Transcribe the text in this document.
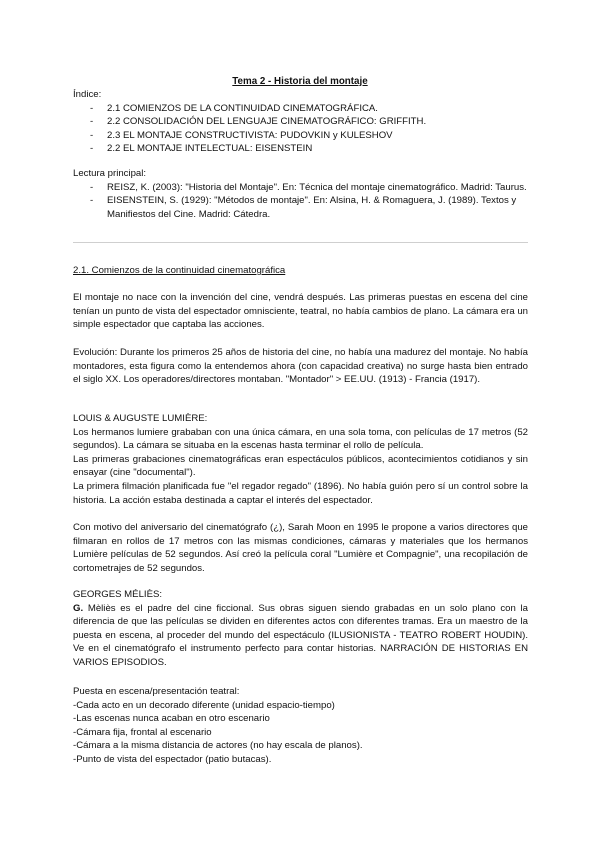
Tema 2 - Historia del montaje

Índice:

- 2.1 COMIENZOS DE LA CONTINUIDAD CINEMATOGRÁFICA.
- 2.2 CONSOLIDACIÓN DEL LENGUAJE CINEMATOGRÁFICO: GRIFFITH.
- 2.3 EL MONTAJE CONSTRUCTIVISTA: PUDOVKIN y KULESHOV
- 2.2 EL MONTAJE INTELECTUAL: EISENSTEIN

Lectura principal:

- REISZ, K. (2003): "Historia del Montaje". En: Técnica del montaje cinematográfico. Madrid: Taurus.
- EISENSTEIN, S. (1929): "Métodos de montaje". En: Alsina, H. & Romaguera, J. (1989). Textos y Manifiestos del Cine. Madrid: Cátedra.

2.1. Comienzos de la continuidad cinematográfica

El montaje no nace con la invención del cine, vendrá después. Las primeras puestas en escena del cine tenían un punto de vista del espectador omnisciente, teatral, no había cambios de plano. La cámara era un simple espectador que captaba las acciones.

Evolución: Durante los primeros 25 años de historia del cine, no había una madurez del montaje. No había montadores, esta figura como la entendemos ahora (con capacidad creativa) no surge hasta bien entrado el siglo XX. Los operadores/directores montaban. "Montador" > EE.UU. (1913) - Francia (1917).

LOUIS & AUGUSTE LUMIÈRE:

Los hermanos lumiere grababan con una única cámara, en una sola toma, con películas de 17 metros (52 segundos). La cámara se situaba en la escenas hasta terminar el rollo de película.

Las primeras grabaciones cinematográficas eran espectáculos públicos, acontecimientos cotidianos y sin ensayar (cine "documental").

La primera filmación planificada fue "el regador regado" (1896). No había guión pero sí un control sobre la historia. La acción estaba destinada a captar el interés del espectador.

Con motivo del aniversario del cinematógrafo (¿), Sarah Moon en 1995 le propone a varios directores que filmaran en rollos de 17 metros con las mismas condiciones, cámaras y materiales que los hermanos Lumière películas de 52 segundos. Así creó la película coral "Lumière et Compagnie", una recopilación de cortometrajes de 52 segundos.

GEORGES MÉLIÈS:

G. Mèliès es el padre del cine ficcional. Sus obras siguen siendo grabadas en un solo plano con la diferencia de que las películas se dividen en diferentes actos con diferentes tramas. Era un maestro de la puesta en escena, al proceder del mundo del espectáculo (ILUSIONISTA - TEATRO ROBERT HOUDIN). Ve en el cinematógrafo el instrumento perfecto para contar historias. NARRACIÓN DE HISTORIAS EN VARIOS EPISODIOS.

Puesta en escena/presentación teatral:

-Cada acto en un decorado diferente (unidad espacio-tiempo)

-Las escenas nunca acaban en otro escenario

-Cámara fija, frontal al escenario

-Cámara a la misma distancia de actores (no hay escala de planos).

-Punto de vista del espectador (patio butacas).
